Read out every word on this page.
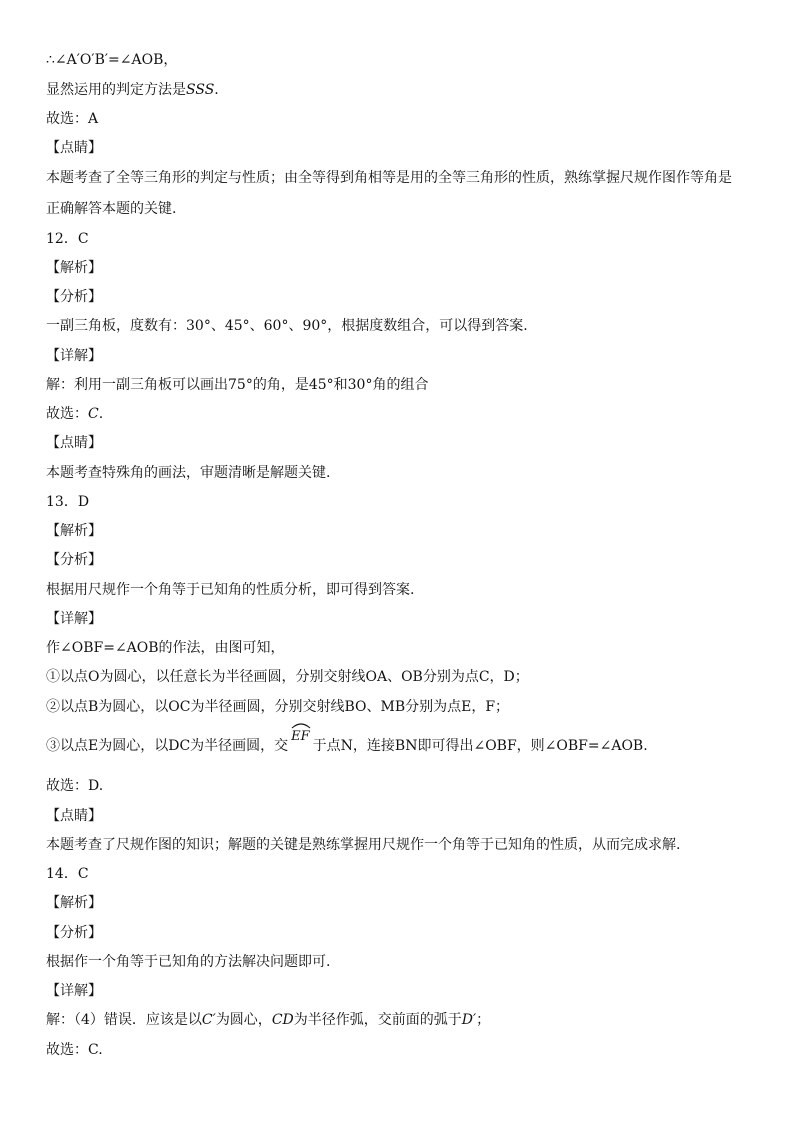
∴∠A′O′B′=∠AOB，
显然运用的判定方法是SSS.
故选：A
【点睛】
本题考查了全等三角形的判定与性质；由全等得到角相等是用的全等三角形的性质，熟练掌握尺规作图作等角是
正确解答本题的关键.
12．C
【解析】
【分析】
一副三角板，度数有：30°、45°、60°、90°，根据度数组合，可以得到答案.
【详解】
解：利用一副三角板可以画出75°的角，是45°和30°角的组合
故选：C.
【点睛】
本题考查特殊角的画法，审题清晰是解题关键.
13．D
【解析】
【分析】
根据用尺规作一个角等于已知角的性质分析，即可得到答案.
【详解】
作∠OBF=∠AOB的作法，由图可知，
①以点O为圆心，以任意长为半径画圆，分别交射线OA、OB分别为点C，D；
②以点B为圆心，以OC为半径画圆，分别交射线BO、MB分别为点E，F；
③以点E为圆心，以DC为半径画圆，交
EF于点N，连接BN即可得出∠OBF，则∠OBF=∠AOB.
故选：D.
【点睛】
本题考查了尺规作图的知识；解题的关键是熟练掌握用尺规作一个角等于已知角的性质，从而完成求解.
14．C
【解析】
【分析】
根据作一个角等于已知角的方法解决问题即可.
【详解】
解：（4）错误．应该是以C′为圆心，CD为半径作弧，交前面的弧于D′；
故选：C.
